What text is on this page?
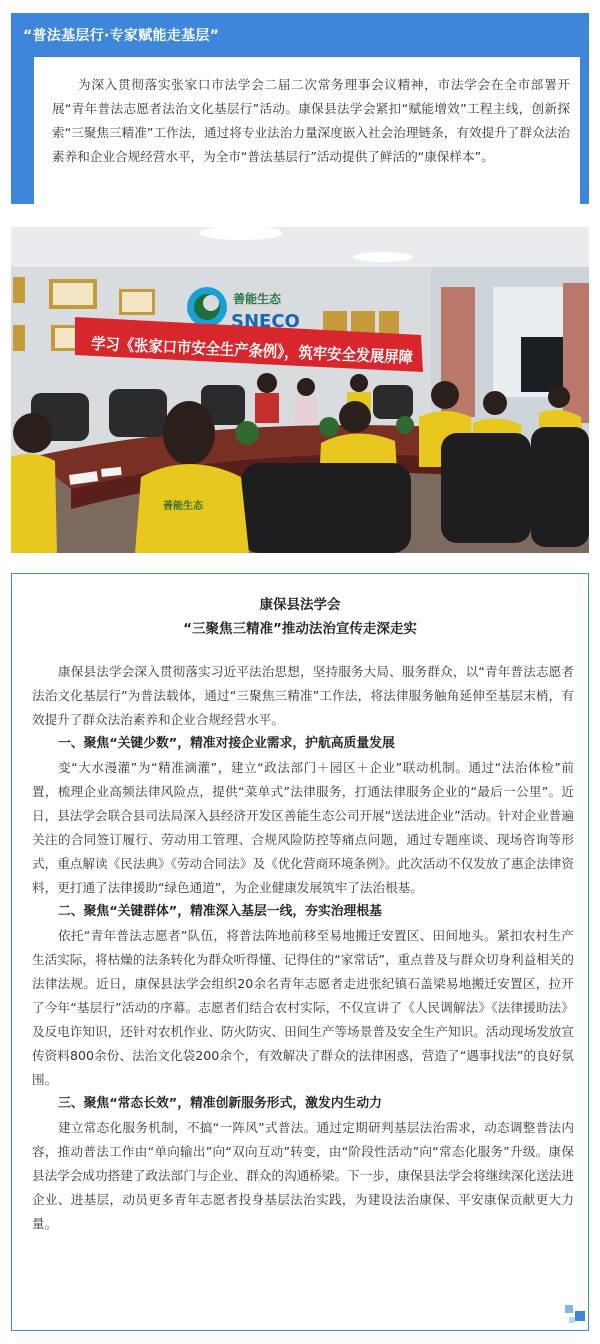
“普法基层行·专家赋能走基层”

为深入贯彻落实张家口市法学会二届二次常务理事会议精神，市法学会在全市部署开展“青年普法志愿者法治文化基层行”活动。康保县法学会紧扣“赋能增效”工程主线，创新探索“三聚焦三精准”工作法，通过将专业法治力量深度嵌入社会治理链条，有效提升了群众法治素养和企业合规经营水平，为全市“普法基层行”活动提供了鲜活的“康保样本”。

善能生态
SNECO
学习《张家口市安全生产条例》，筑牢安全发展屏障
善能生态
康保县法学会
“三聚焦三精准”推动法治宣传走深走实

康保县法学会深入贯彻落实习近平法治思想，坚持服务大局、服务群众，以“青年普法志愿者法治文化基层行”为普法载体，通过“三聚焦三精准”工作法，将法律服务触角延伸至基层末梢，有效提升了群众法治素养和企业合规经营水平。

一、聚焦“关键少数”，精准对接企业需求，护航高质量发展

变“大水漫灌”为“精准滴灌”，建立“政法部门＋园区＋企业”联动机制。通过“法治体检”前置，梳理企业高频法律风险点，提供“菜单式”法律服务，打通法律服务企业的“最后一公里”。近日，县法学会联合县司法局深入县经济开发区善能生态公司开展“送法进企业”活动。针对企业普遍关注的合同签订履行、劳动用工管理、合规风险防控等痛点问题，通过专题座谈、现场咨询等形式，重点解读《民法典》《劳动合同法》及《优化营商环境条例》。此次活动不仅发放了惠企法律资料，更打通了法律援助“绿色通道”，为企业健康发展筑牢了法治根基。

二、聚焦“关键群体”，精准深入基层一线，夯实治理根基

依托“青年普法志愿者”队伍，将普法阵地前移至易地搬迁安置区、田间地头。紧扣农村生产生活实际，将枯燥的法条转化为群众听得懂、记得住的“家常话”，重点普及与群众切身利益相关的法律法规。近日，康保县法学会组织20余名青年志愿者走进张纪镇石盖梁易地搬迁安置区，拉开了今年“基层行”活动的序幕。志愿者们结合农村实际，不仅宣讲了《人民调解法》《法律援助法》及反电诈知识，还针对农机作业、防火防灾、田间生产等场景普及安全生产知识。活动现场发放宣传资料800余份、法治文化袋200余个，有效解决了群众的法律困惑，营造了“遇事找法”的良好氛围。

三、聚焦“常态长效”，精准创新服务形式，激发内生动力

建立常态化服务机制，不搞“一阵风”式普法。通过定期研判基层法治需求，动态调整普法内容，推动普法工作由“单向输出”向“双向互动”转变，由“阶段性活动”向“常态化服务”升级。康保县法学会成功搭建了政法部门与企业、群众的沟通桥梁。下一步，康保县法学会将继续深化送法进企业、进基层，动员更多青年志愿者投身基层法治实践，为建设法治康保、平安康保贡献更大力量。
